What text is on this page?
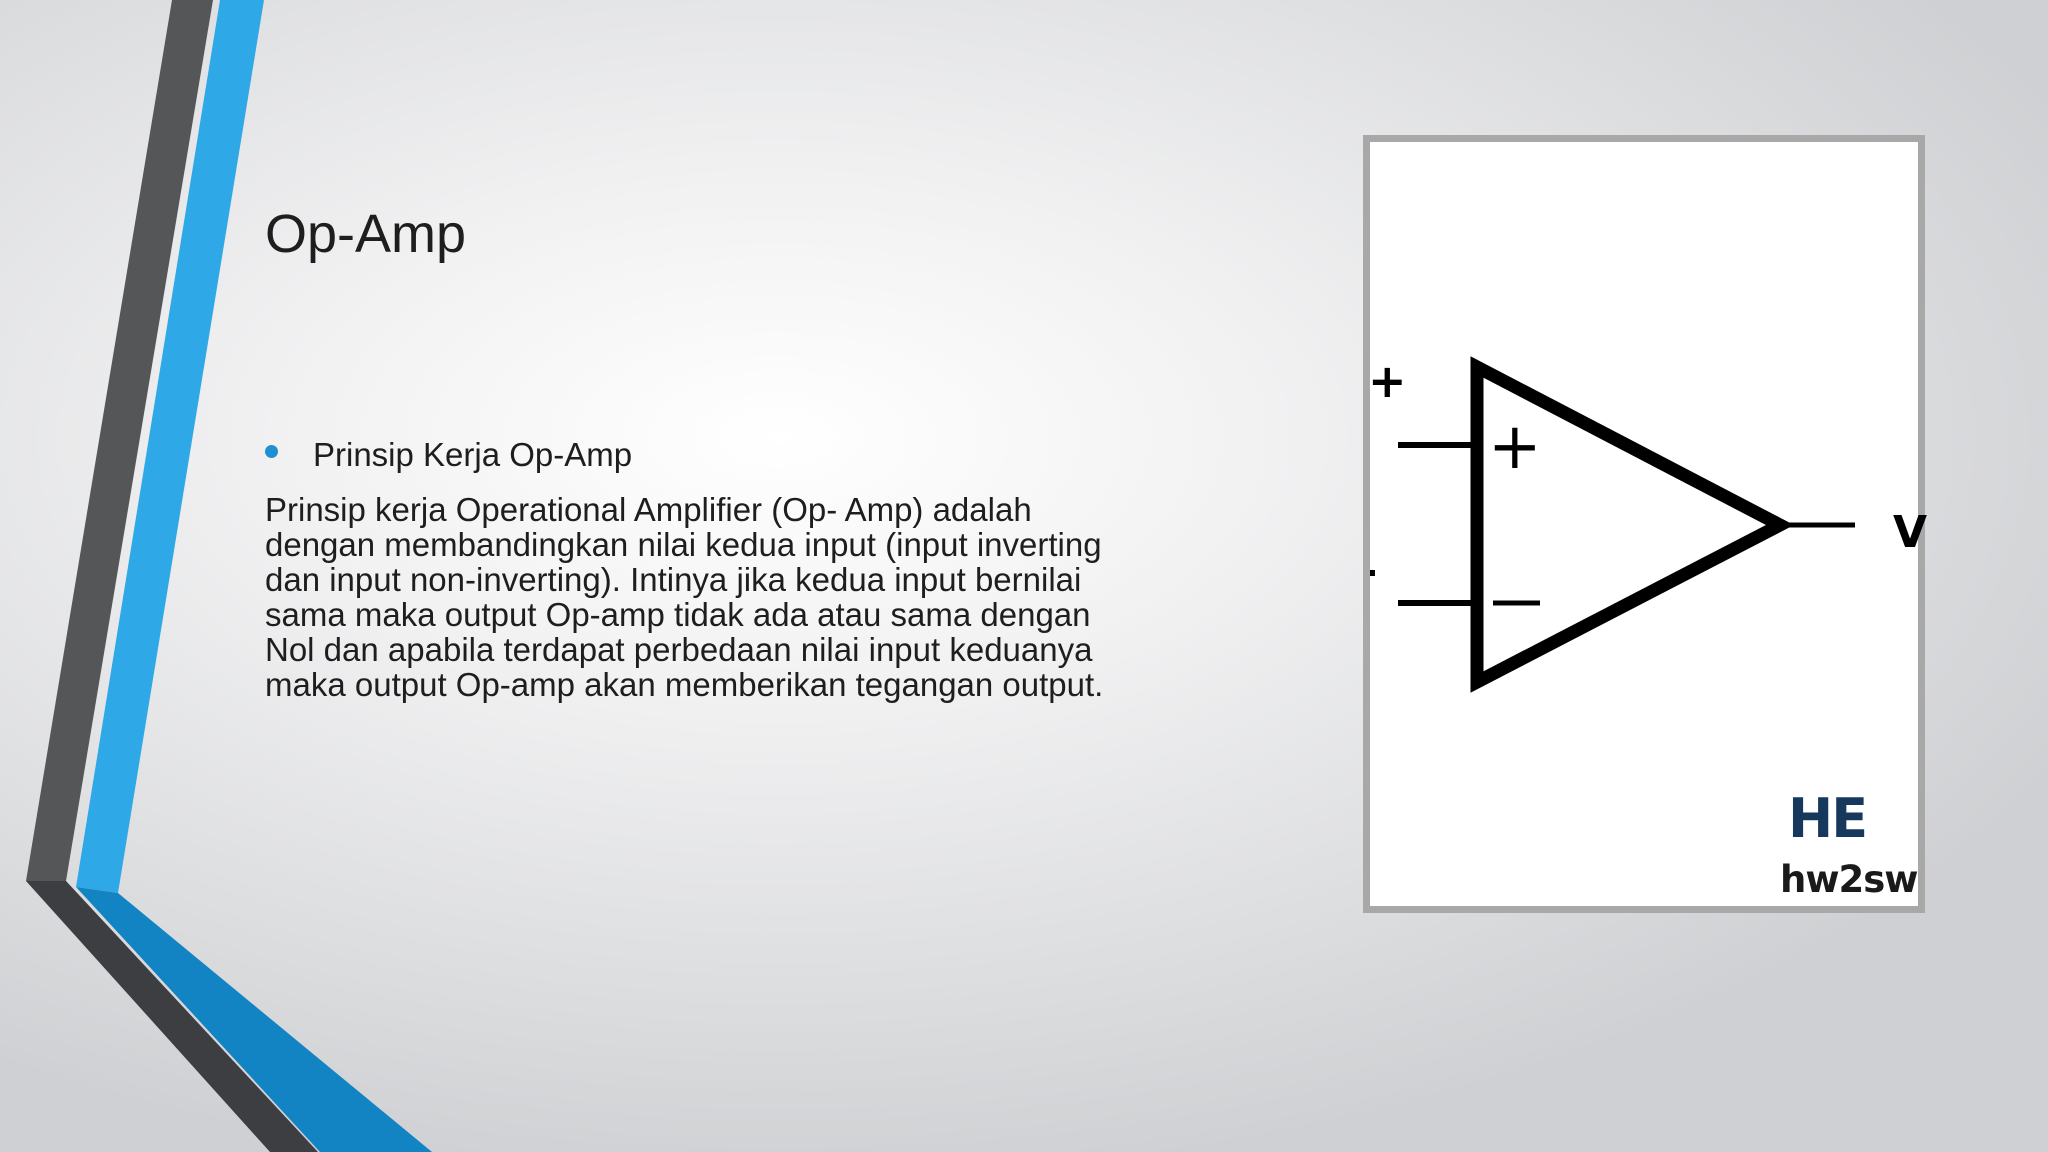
Op-Amp
Prinsip Kerja Op-Amp

Prinsip kerja Operational Amplifier (Op- Amp) adalah
dengan membandingkan nilai kedua input (input inverting
dan input non-inverting). Intinya jika kedua input bernilai
sama maka output Op-amp tidak ada atau sama dengan
Nol dan apabila terdapat perbedaan nilai input keduanya
maka output Op-amp akan memberikan tegangan output.

+
+
V
HE
hw2sw
